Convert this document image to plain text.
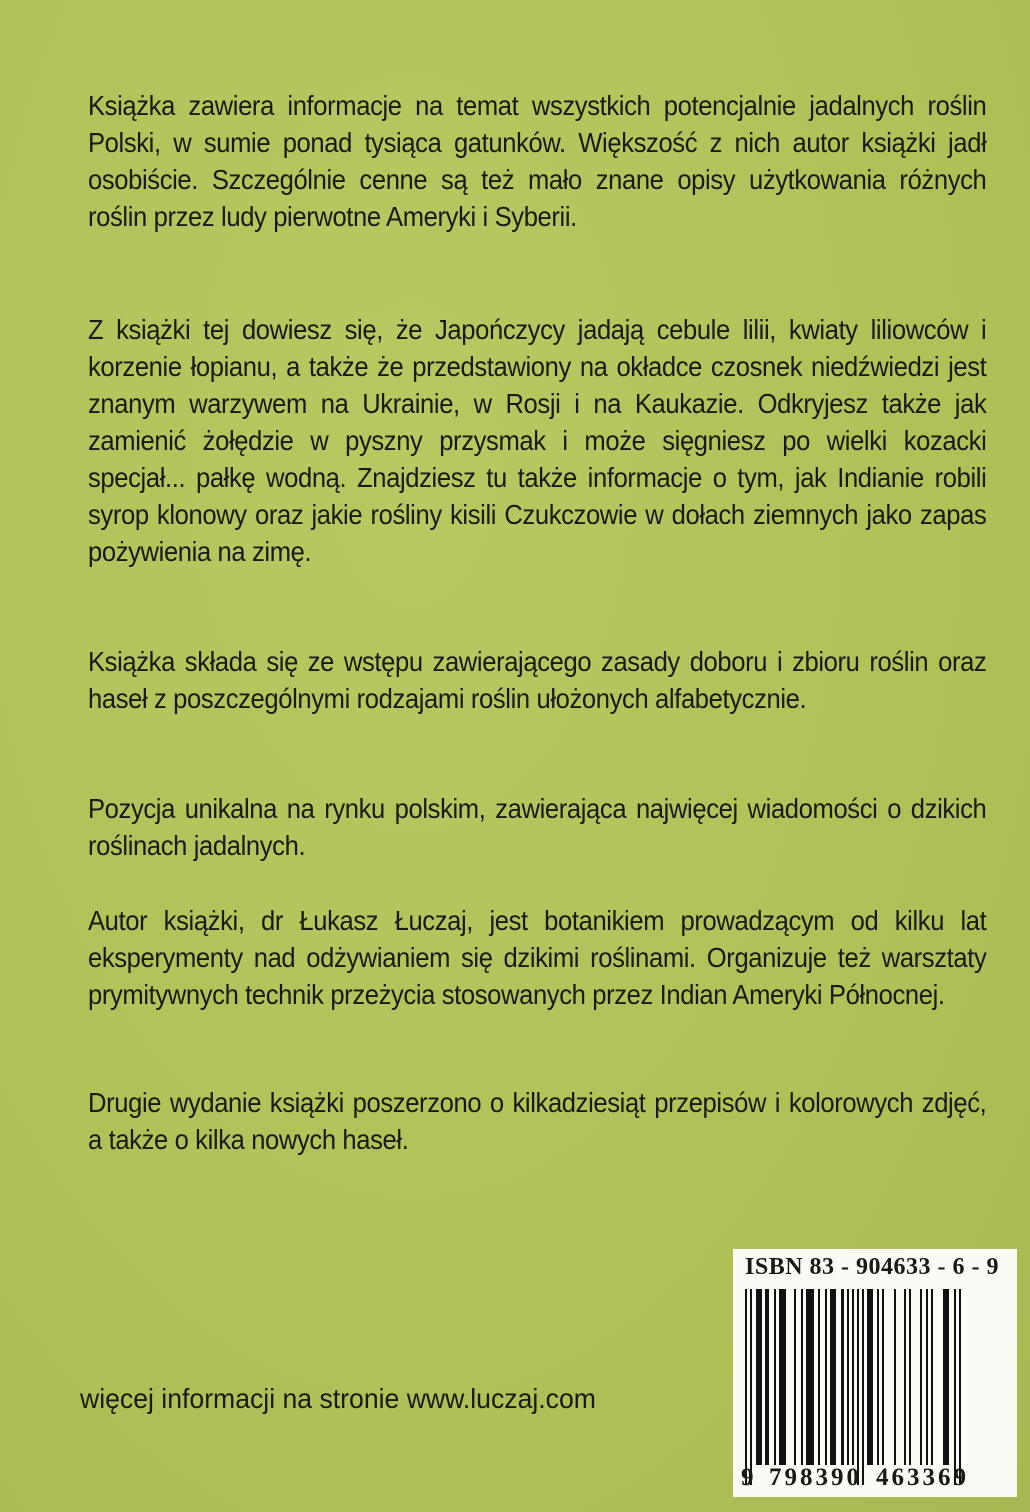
Książka zawiera informacje na temat wszystkich potencjalnie jadalnych roślin Polski, w sumie ponad tysiąca gatunków. Większość z nich autor książki jadł osobiście. Szczególnie cenne są też mało znane opisy użytkowania różnych roślin przez ludy pierwotne Ameryki i Syberii.
Z książki tej dowiesz się, że Japończycy jadają cebule lilii, kwiaty liliowców i korzenie łopianu, a także że przedstawiony na okładce czosnek niedźwiedzi jest znanym warzywem na Ukrainie, w Rosji i na Kaukazie. Odkryjesz także jak zamienić żołędzie w pyszny przysmak i może sięgniesz po wielki kozacki specjał... pałkę wodną. Znajdziesz tu także informacje o tym, jak Indianie robili syrop klonowy oraz jakie rośliny kisili Czukczowie w dołach ziemnych jako zapas pożywienia na zimę.
Książka składa się ze wstępu zawierającego zasady doboru i zbioru roślin oraz haseł z poszczególnymi rodzajami roślin ułożonych alfabetycznie.
Pozycja unikalna na rynku polskim, zawierająca najwięcej wiadomości o dzikich roślinach jadalnych.
Autor książki, dr Łukasz Łuczaj, jest botanikiem prowadzącym od kilku lat eksperymenty nad odżywianiem się dzikimi roślinami. Organizuje też warsztaty prymitywnych technik przeżycia stosowanych przez Indian Ameryki Północnej.
Drugie wydanie książki poszerzono o kilkadziesiąt przepisów i kolorowych zdjęć, a także o kilka nowych haseł.
więcej informacji na stronie www.luczaj.com
ISBN 83 - 904633 - 6 - 9
9 798390 463369
